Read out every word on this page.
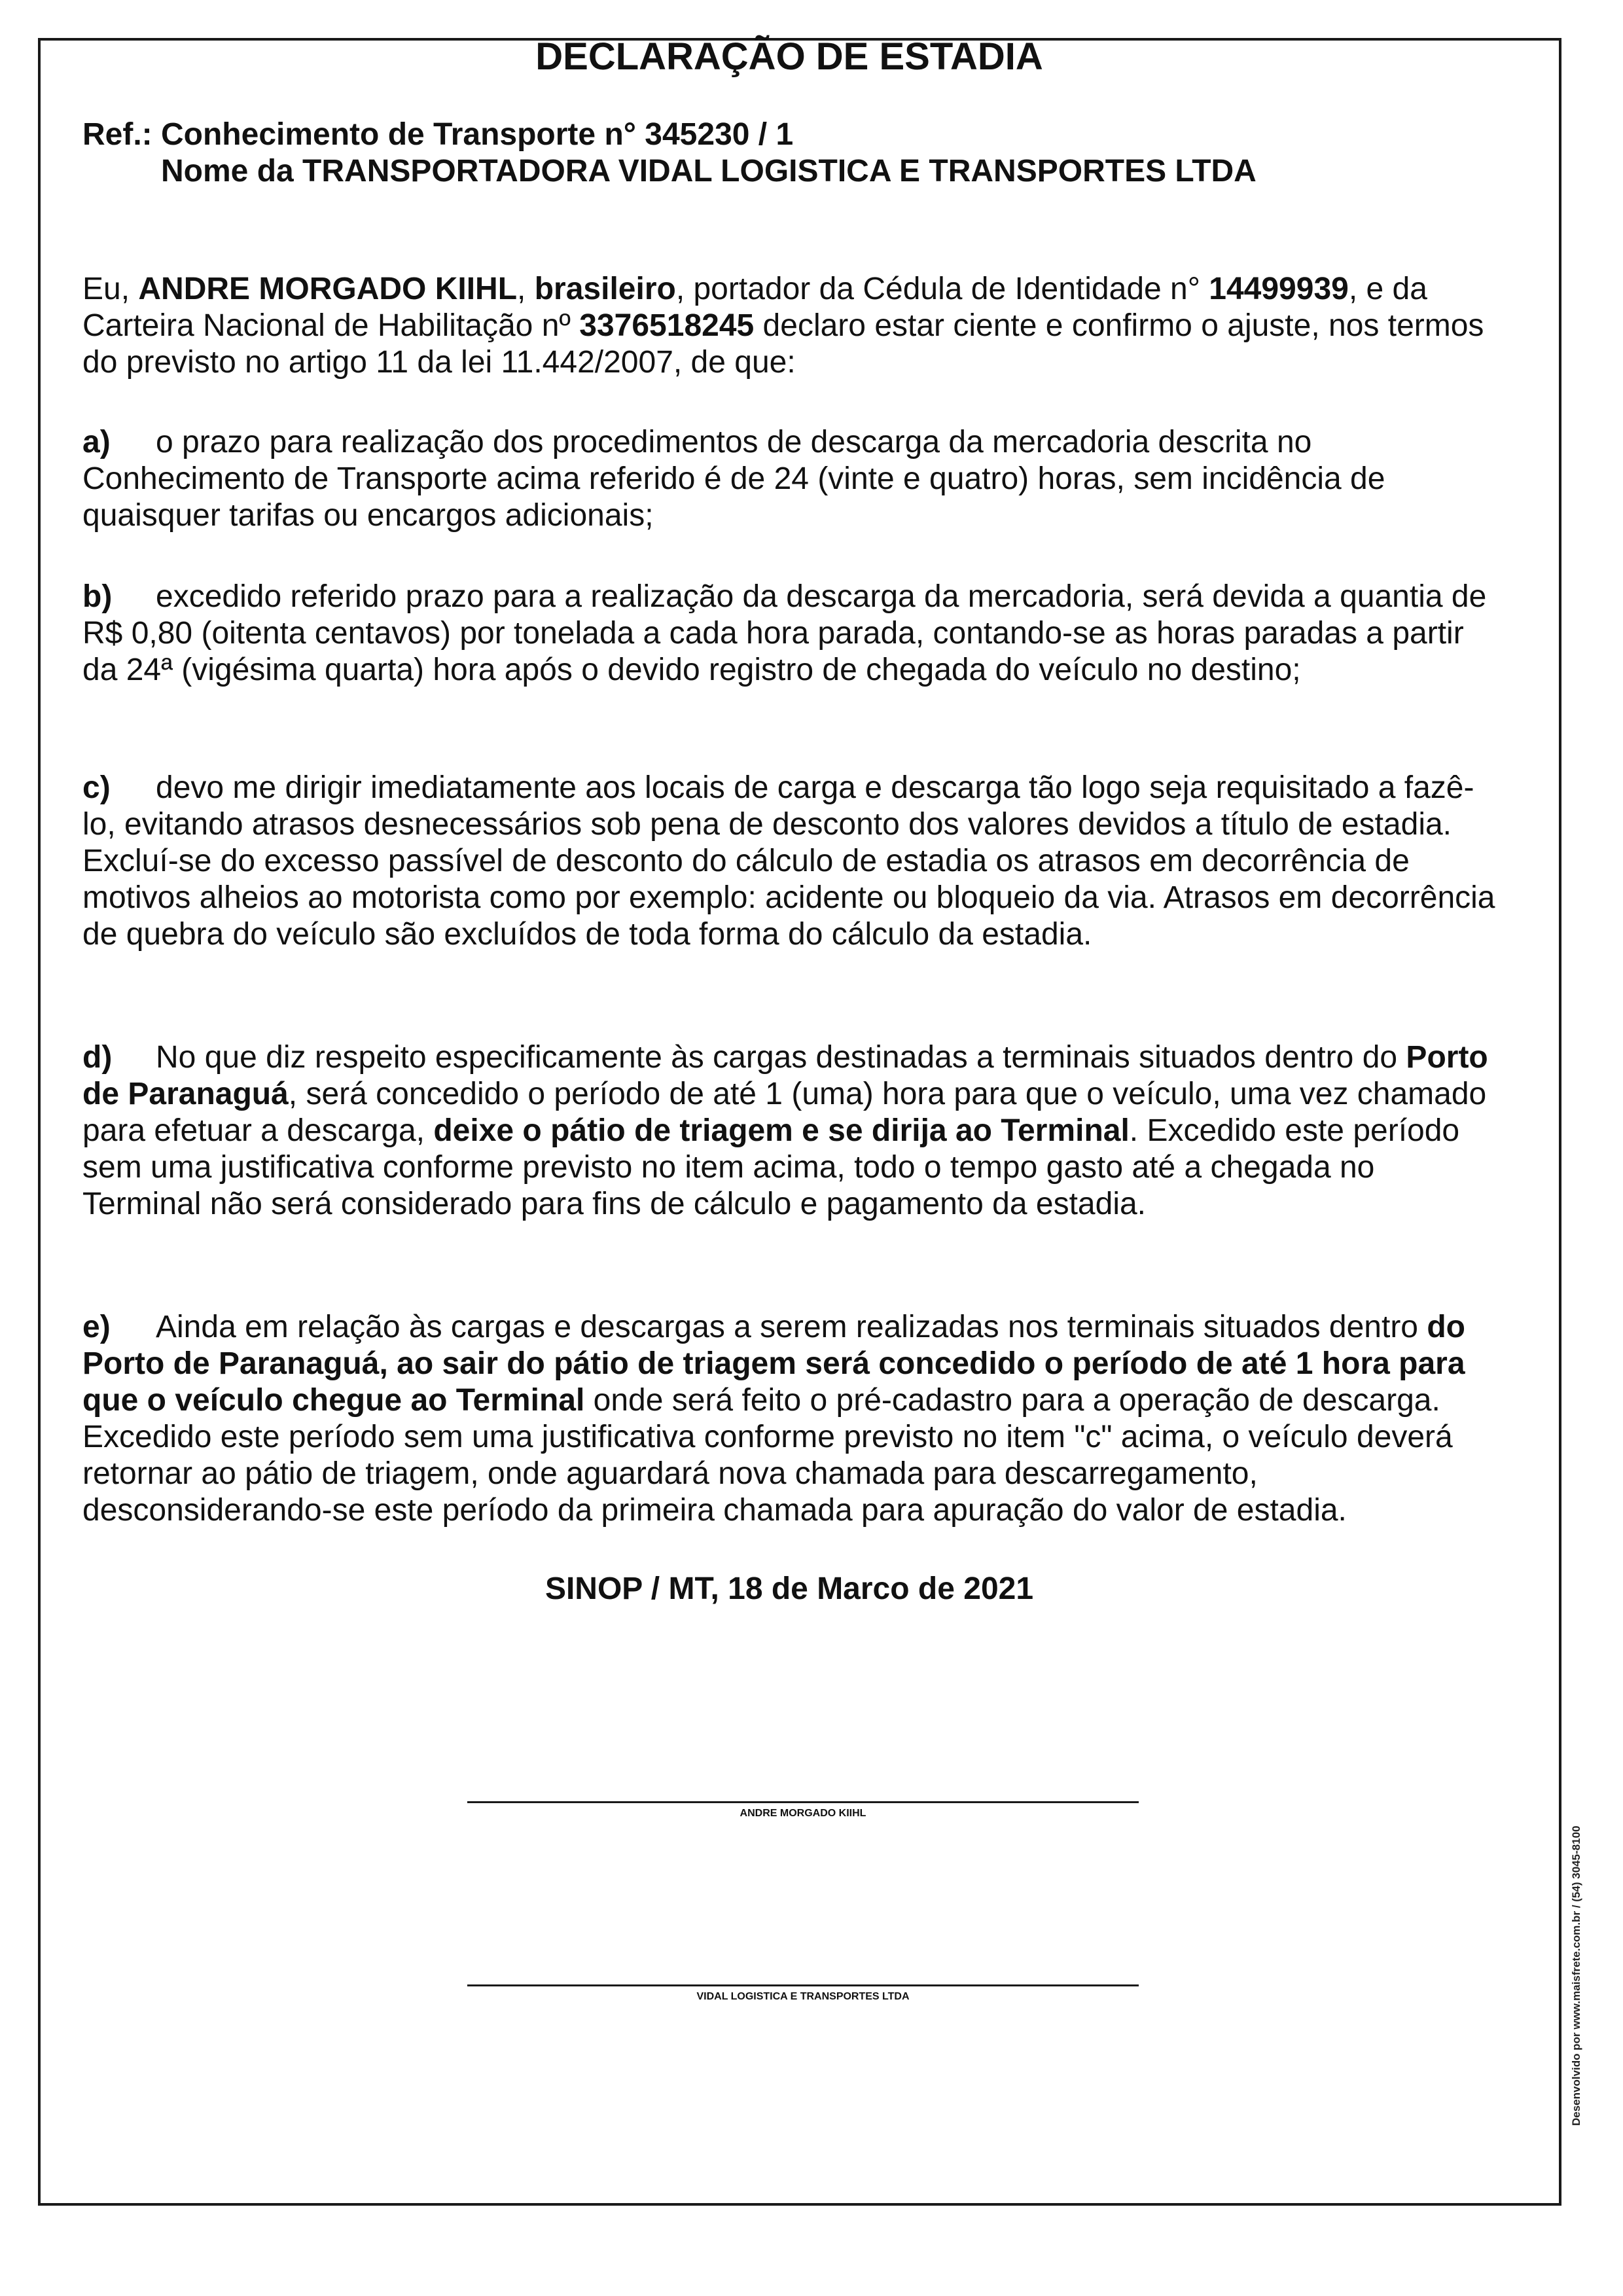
DECLARAÇÃO DE ESTADIA
Ref.: Conhecimento de Transporte n° 345230 / 1
Nome da TRANSPORTADORA VIDAL LOGISTICA E TRANSPORTES LTDA

Eu, ANDRE MORGADO KIIHL, brasileiro, portador da Cédula de Identidade n° 14499939, e da Carteira Nacional de Habilitação nº 3376518245 declaro estar ciente e confirmo o ajuste, nos termos do previsto no artigo 11 da lei 11.442/2007, de que:

a) o prazo para realização dos procedimentos de descarga da mercadoria descrita no Conhecimento de Transporte acima referido é de 24 (vinte e quatro) horas, sem incidência de quaisquer tarifas ou encargos adicionais;

b) excedido referido prazo para a realização da descarga da mercadoria, será devida a quantia de R$ 0,80 (oitenta centavos) por tonelada a cada hora parada, contando-se as horas paradas a partir da 24ª (vigésima quarta) hora após o devido registro de chegada do veículo no destino;

c) devo me dirigir imediatamente aos locais de carga e descarga tão logo seja requisitado a fazê-lo, evitando atrasos desnecessários sob pena de desconto dos valores devidos a título de estadia. Excluí-se do excesso passível de desconto do cálculo de estadia os atrasos em decorrência de motivos alheios ao motorista como por exemplo: acidente ou bloqueio da via. Atrasos em decorrência de quebra do veículo são excluídos de toda forma do cálculo da estadia.

d) No que diz respeito especificamente às cargas destinadas a terminais situados dentro do Porto de Paranaguá, será concedido o período de até 1 (uma) hora para que o veículo, uma vez chamado para efetuar a descarga, deixe o pátio de triagem e se dirija ao Terminal. Excedido este período sem uma justificativa conforme previsto no item acima, todo o tempo gasto até a chegada no Terminal não será considerado para fins de cálculo e pagamento da estadia.

e) Ainda em relação às cargas e descargas a serem realizadas nos terminais situados dentro do Porto de Paranaguá, ao sair do pátio de triagem será concedido o período de até 1 hora para que o veículo chegue ao Terminal onde será feito o pré-cadastro para a operação de descarga. Excedido este período sem uma justificativa conforme previsto no item "c" acima, o veículo deverá retornar ao pátio de triagem, onde aguardará nova chamada para descarregamento, desconsiderando-se este período da primeira chamada para apuração do valor de estadia.

SINOP / MT, 18 de Marco de 2021

ANDRE MORGADO KIIHL

VIDAL LOGISTICA E TRANSPORTES LTDA	Desenvolvido por www.maisfrete.com.br / (54) 3045-8100
